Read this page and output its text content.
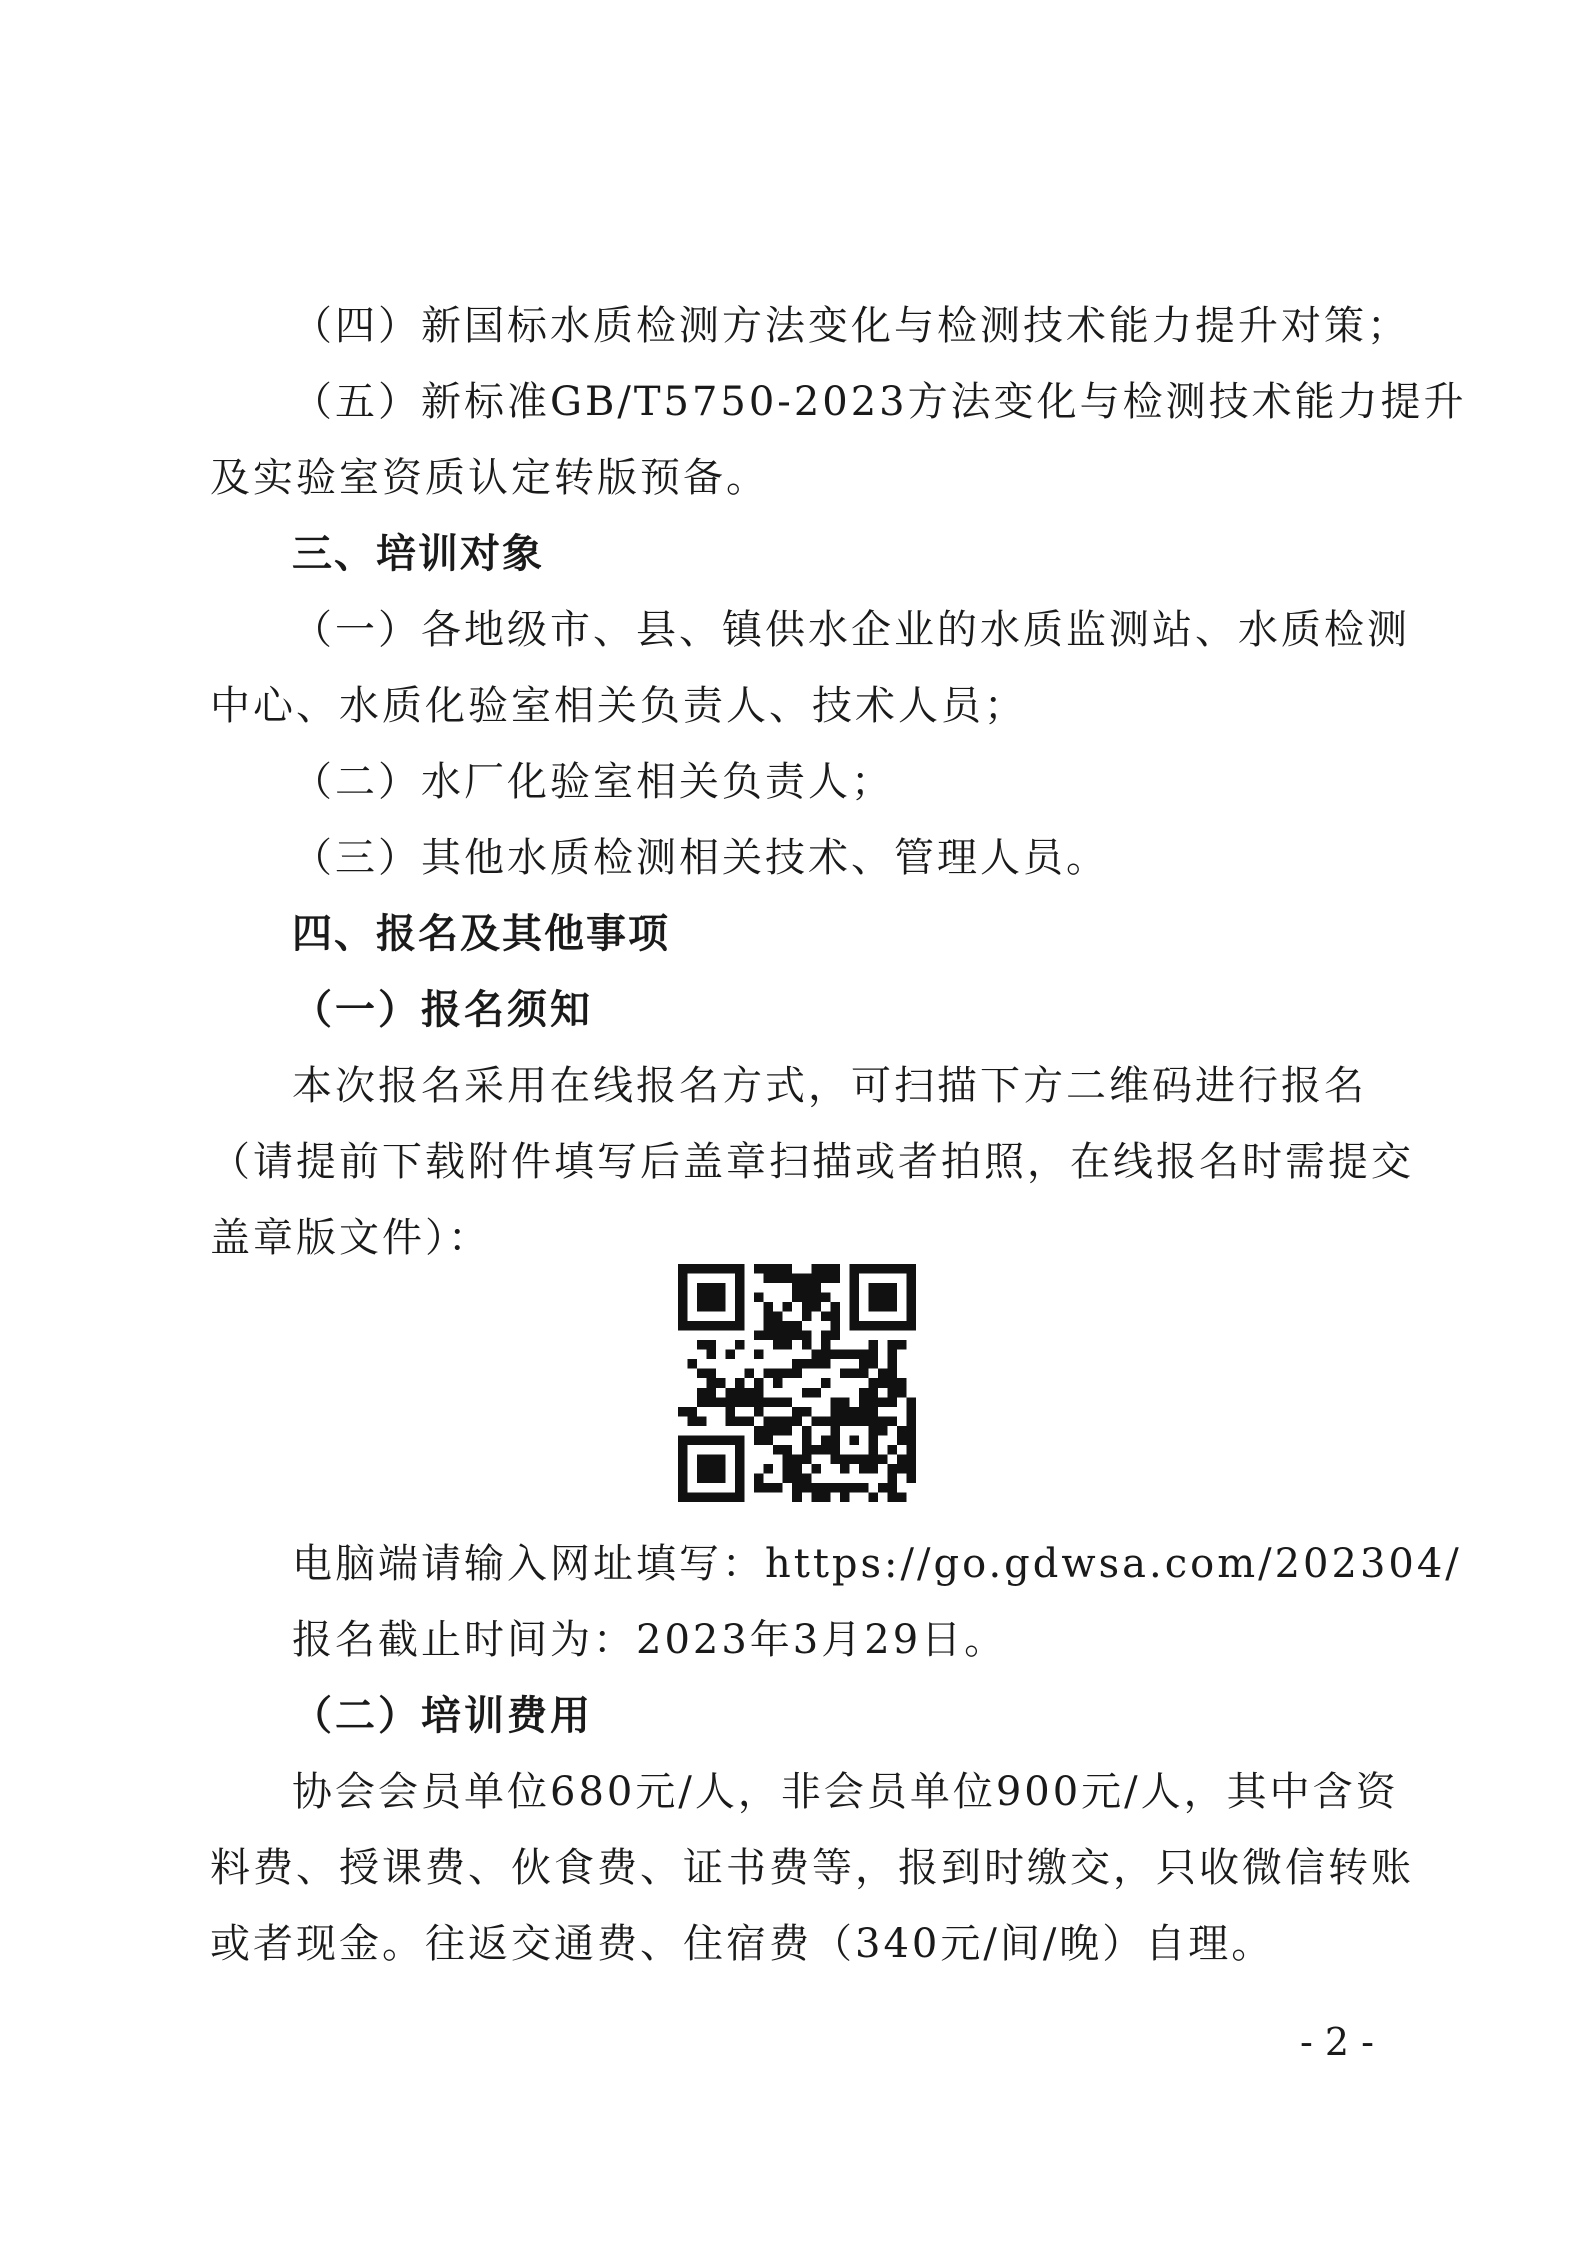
（四）新国标水质检测方法变化与检测技术能力提升对策；
（五）新标准GB/T5750-2023方法变化与检测技术能力提升
及实验室资质认定转版预备。
三、培训对象
（一）各地级市、县、镇供水企业的水质监测站、水质检测
中心、水质化验室相关负责人、技术人员；
（二）水厂化验室相关负责人；
（三）其他水质检测相关技术、管理人员。
四、报名及其他事项
（一）报名须知
本次报名采用在线报名方式，可扫描下方二维码进行报名
（请提前下载附件填写后盖章扫描或者拍照，在线报名时需提交
盖章版文件）：
电脑端请输入网址填写：https://go.gdwsa.com/202304/
报名截止时间为：2023年3月29日。
（二）培训费用
协会会员单位680元/人，非会员单位900元/人，其中含资
料费、授课费、伙食费、证书费等，报到时缴交，只收微信转账
或者现金。往返交通费、住宿费（340元/间/晚）自理。
- 2 -
